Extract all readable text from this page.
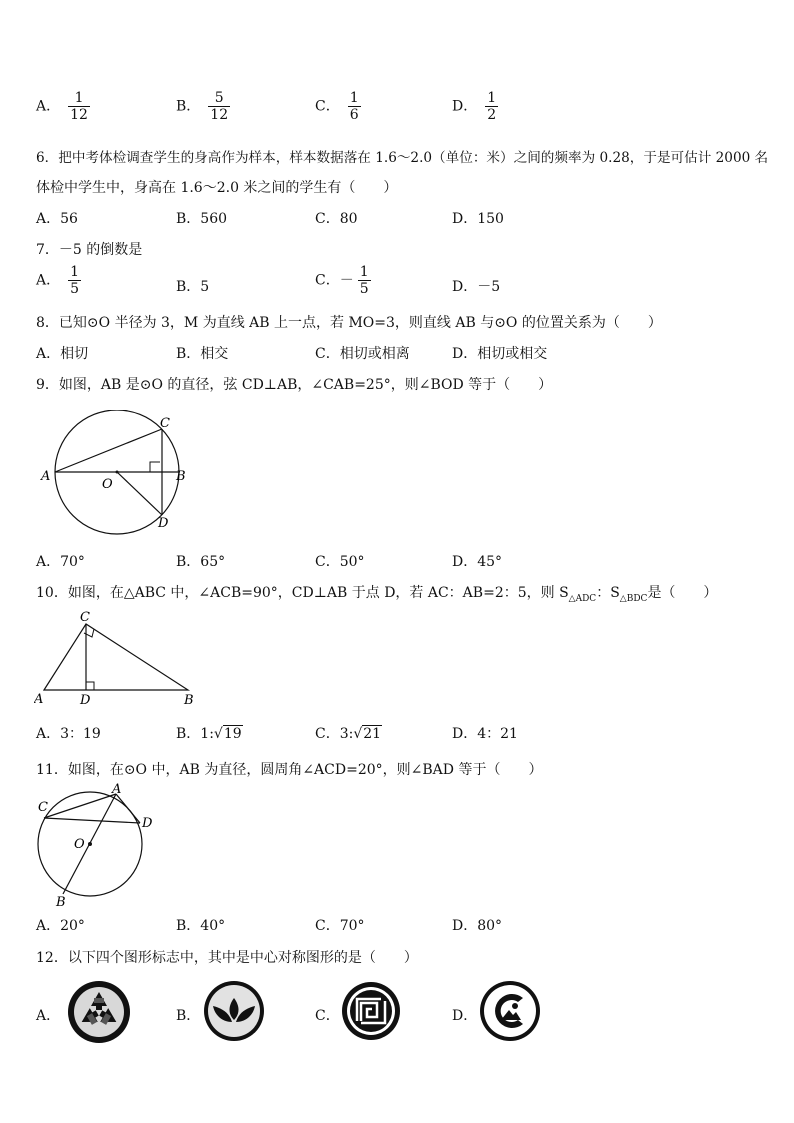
A． $\frac{1}{12}$	B． $\frac{5}{12}$	C． $\frac{1}{6}$	D． $\frac{1}{2}$
6．把中考体检调查学生的身高作为样本，样本数据落在 1.6～2.0（单位：米）之间的频率为 0.28，于是可估计 2000 名
体检中学生中，身高在 1.6～2.0 米之间的学生有（　　）
A．56	B．560	C．80	D．150
7．－5 的倒数是
A． $\frac{1}{5}$	B．5	C．－ $\frac{1}{5}$	D．－5
8．已知⊙O 半径为 3，M 为直线 AB 上一点，若 MO=3，则直线 AB 与⊙O 的位置关系为（　　）
A．相切	B．相交	C．相切或相离	D．相切或相交
9．如图，AB 是⊙O 的直径，弦 CD⊥AB，∠CAB=25°，则∠BOD 等于（　　）
A	B
C
D
O
A．70°	B．65°	C．50°	D．45°
10．如图，在△ABC 中，∠ACB=90°，CD⊥AB 于点 D，若 AC：AB=2：5，则 $S_{\triangle ADC}$：$S_{\triangle BDC}$是（　　）
A	D	B
C
A．3：19	B．1:√19	C．3:√21	D．4：21
11．如图，在⊙O 中，AB 为直径，圆周角∠ACD=20°，则∠BAD 等于（　　）
C
A
D
O
B
A．20°	B．40°	C．70°	D．80°
12．以下四个图形标志中，其中是中心对称图形的是（　　）
A．	B．	C．	D．
